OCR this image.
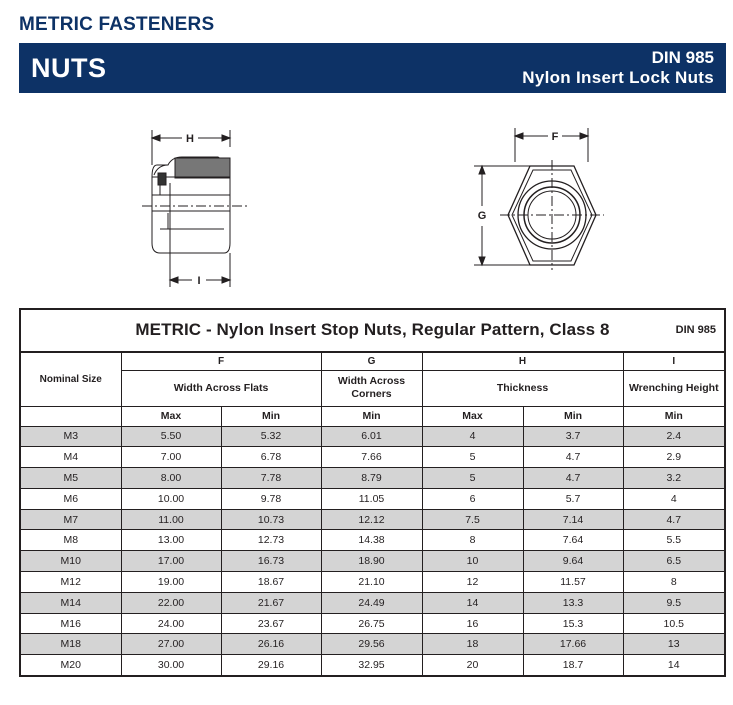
METRIC FASTENERS
NUTS	DIN 985
Nylon Insert Lock Nuts
H
I
F
G
METRIC - Nylon Insert Stop Nuts, Regular Pattern, Class 8 DIN 985						

Nominal Size	F		G	H		I
	Width Across Flats		Width Across Corners	Thickness		Wrenching Height
	Max	Min	Min	Max	Min	Min
M3	5.50	5.32	6.01	4	3.7	2.4
M4	7.00	6.78	7.66	5	4.7	2.9
M5	8.00	7.78	8.79	5	4.7	3.2
M6	10.00	9.78	11.05	6	5.7	4
M7	11.00	10.73	12.12	7.5	7.14	4.7
M8	13.00	12.73	14.38	8	7.64	5.5
M10	17.00	16.73	18.90	10	9.64	6.5
M12	19.00	18.67	21.10	12	11.57	8
M14	22.00	21.67	24.49	14	13.3	9.5
M16	24.00	23.67	26.75	16	15.3	10.5
M18	27.00	26.16	29.56	18	17.66	13
M20	30.00	29.16	32.95	20	18.7	14
